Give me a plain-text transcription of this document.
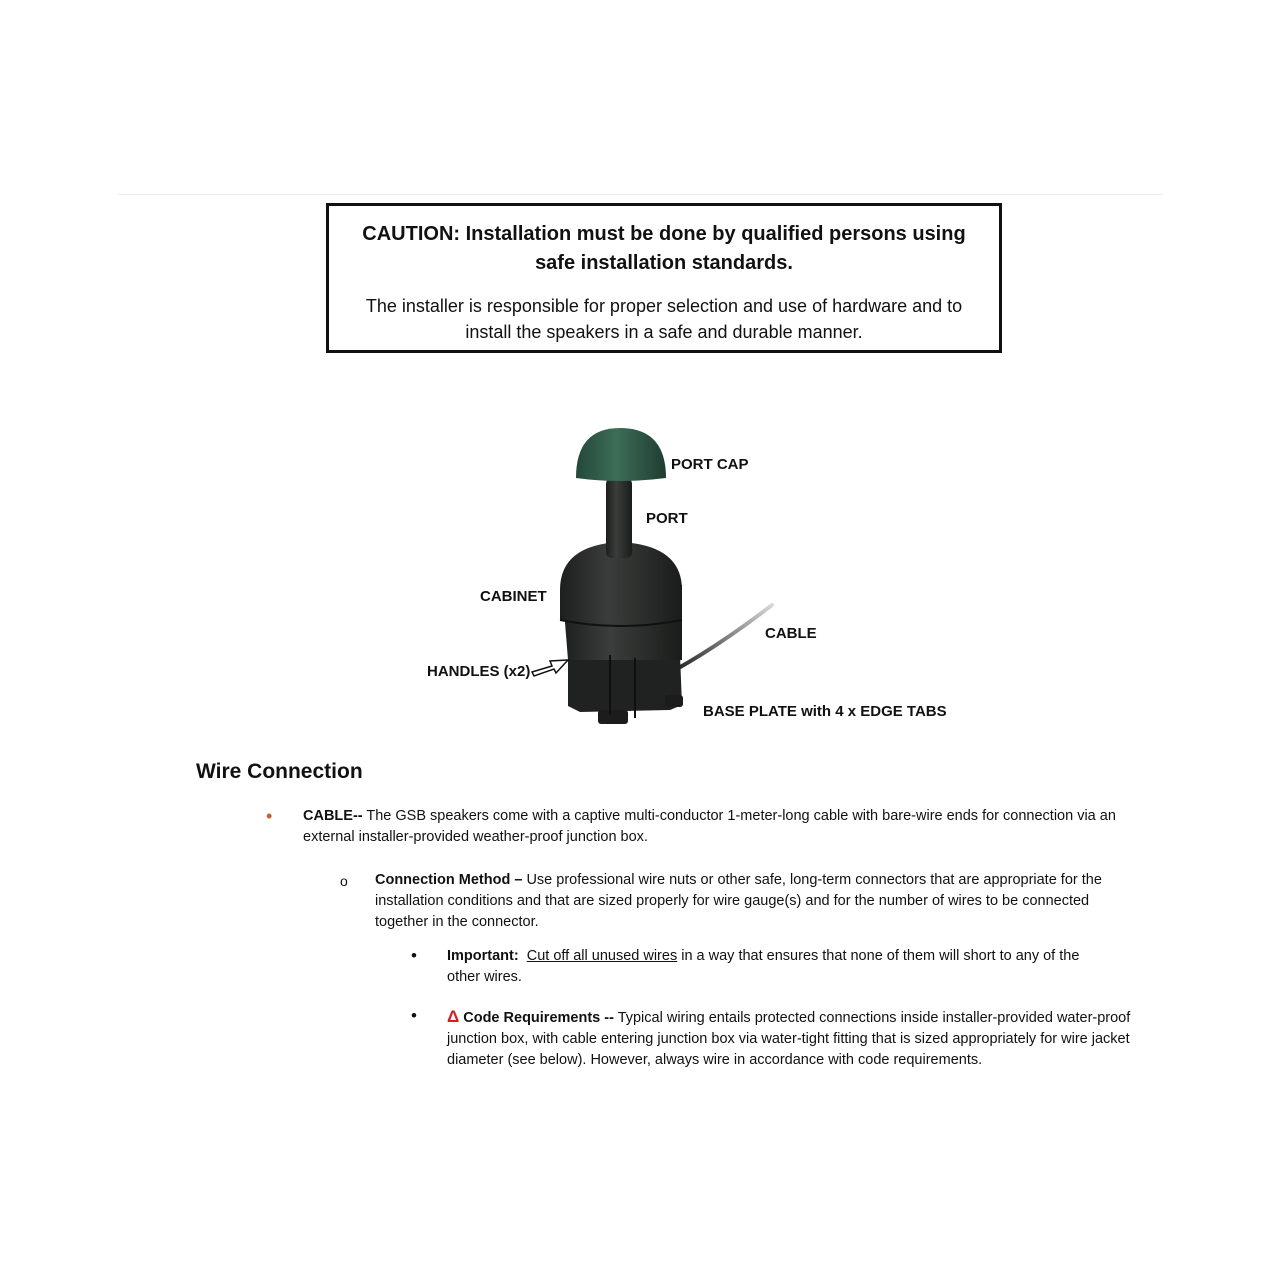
CAUTION: Installation must be done by qualified persons using safe installation standards.
The installer is responsible for proper selection and use of hardware and to install the speakers in a safe and durable manner.
PORT CAP
PORT
CABINET
CABLE
HANDLES (x2)
BASE PLATE with 4 x EDGE TABS
Wire Connection
• CABLE-- The GSB speakers come with a captive multi-conductor 1-meter-long cable with bare-wire ends for connection via an external installer-provided weather-proof junction box.
o Connection Method – Use professional wire nuts or other safe, long-term connectors that are appropriate for the installation conditions and that are sized properly for wire gauge(s) and for the number of wires to be connected together in the connector.
• Important: Cut off all unused wires in a way that ensures that none of them will short to any of the other wires.
• Δ Code Requirements -- Typical wiring entails protected connections inside installer-provided water-proof junction box, with cable entering junction box via water-tight fitting that is sized appropriately for wire jacket diameter (see below). However, always wire in accordance with code requirements.
